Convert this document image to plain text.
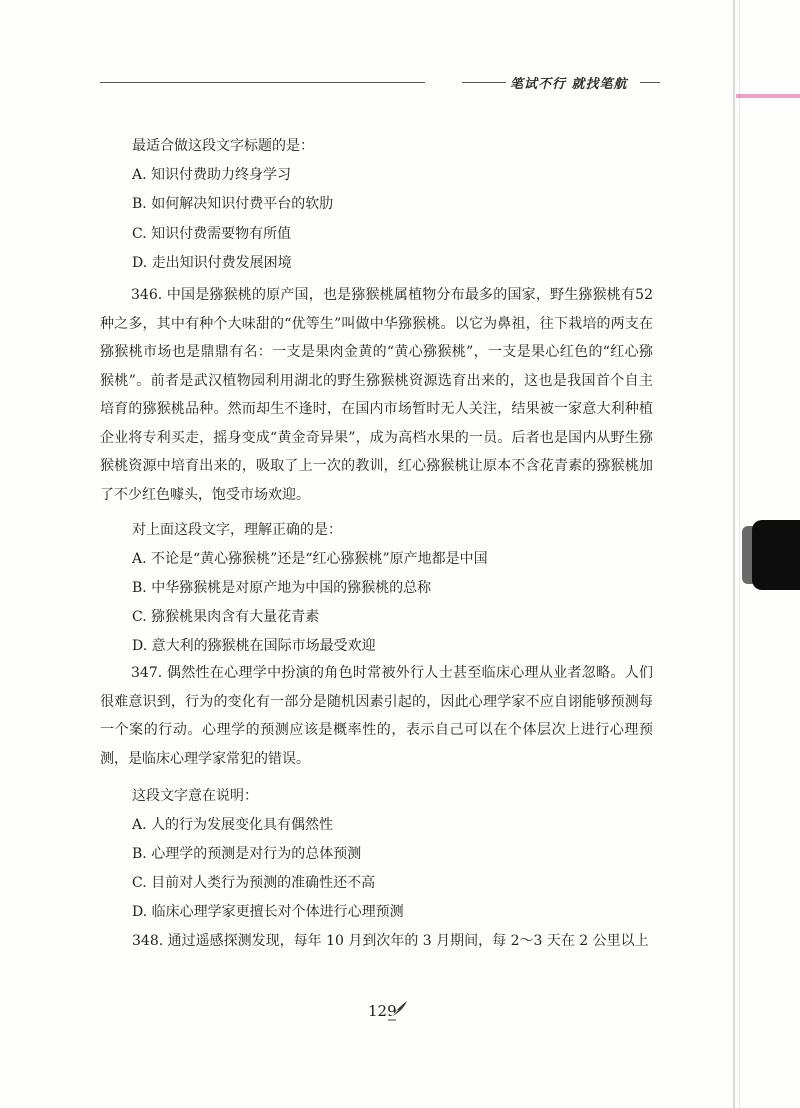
笔试不行 就找笔航
最适合做这段文字标题的是：
A. 知识付费助力终身学习
B. 如何解决知识付费平台的软肋
C. 知识付费需要物有所值
D. 走出知识付费发展困境
346. 中国是猕猴桃的原产国，也是猕猴桃属植物分布最多的国家，野生猕猴桃有52 种之多，其中有种个大味甜的“优等生”叫做中华猕猴桃。以它为鼻祖，往下栽培的两支在猕猴桃市场也是鼎鼎有名：一支是果肉金黄的“黄心猕猴桃”，一支是果心红色的“红心猕猴桃”。前者是武汉植物园利用湖北的野生猕猴桃资源选育出来的，这也是我国首个自主培育的猕猴桃品种。然而却生不逢时，在国内市场暂时无人关注，结果被一家意大利种植企业将专利买走，摇身变成“黄金奇异果”，成为高档水果的一员。后者也是国内从野生猕猴桃资源中培育出来的，吸取了上一次的教训，红心猕猴桃让原本不含花青素的猕猴桃加了不少红色噱头，饱受市场欢迎。
对上面这段文字，理解正确的是：
A. 不论是“黄心猕猴桃”还是“红心猕猴桃”原产地都是中国
B. 中华猕猴桃是对原产地为中国的猕猴桃的总称
C. 猕猴桃果肉含有大量花青素
D. 意大利的猕猴桃在国际市场最受欢迎
347. 偶然性在心理学中扮演的角色时常被外行人士甚至临床心理从业者忽略。人们很难意识到，行为的变化有一部分是随机因素引起的，因此心理学家不应自诩能够预测每一个案的行动。心理学的预测应该是概率性的，表示自己可以在个体层次上进行心理预测，是临床心理学家常犯的错误。
这段文字意在说明：
A. 人的行为发展变化具有偶然性
B. 心理学的预测是对行为的总体预测
C. 目前对人类行为预测的准确性还不高
D. 临床心理学家更擅长对个体进行心理预测
348. 通过遥感探测发现，每年 10 月到次年的 3 月期间，每 2～3 天在 2 公里以上
129
